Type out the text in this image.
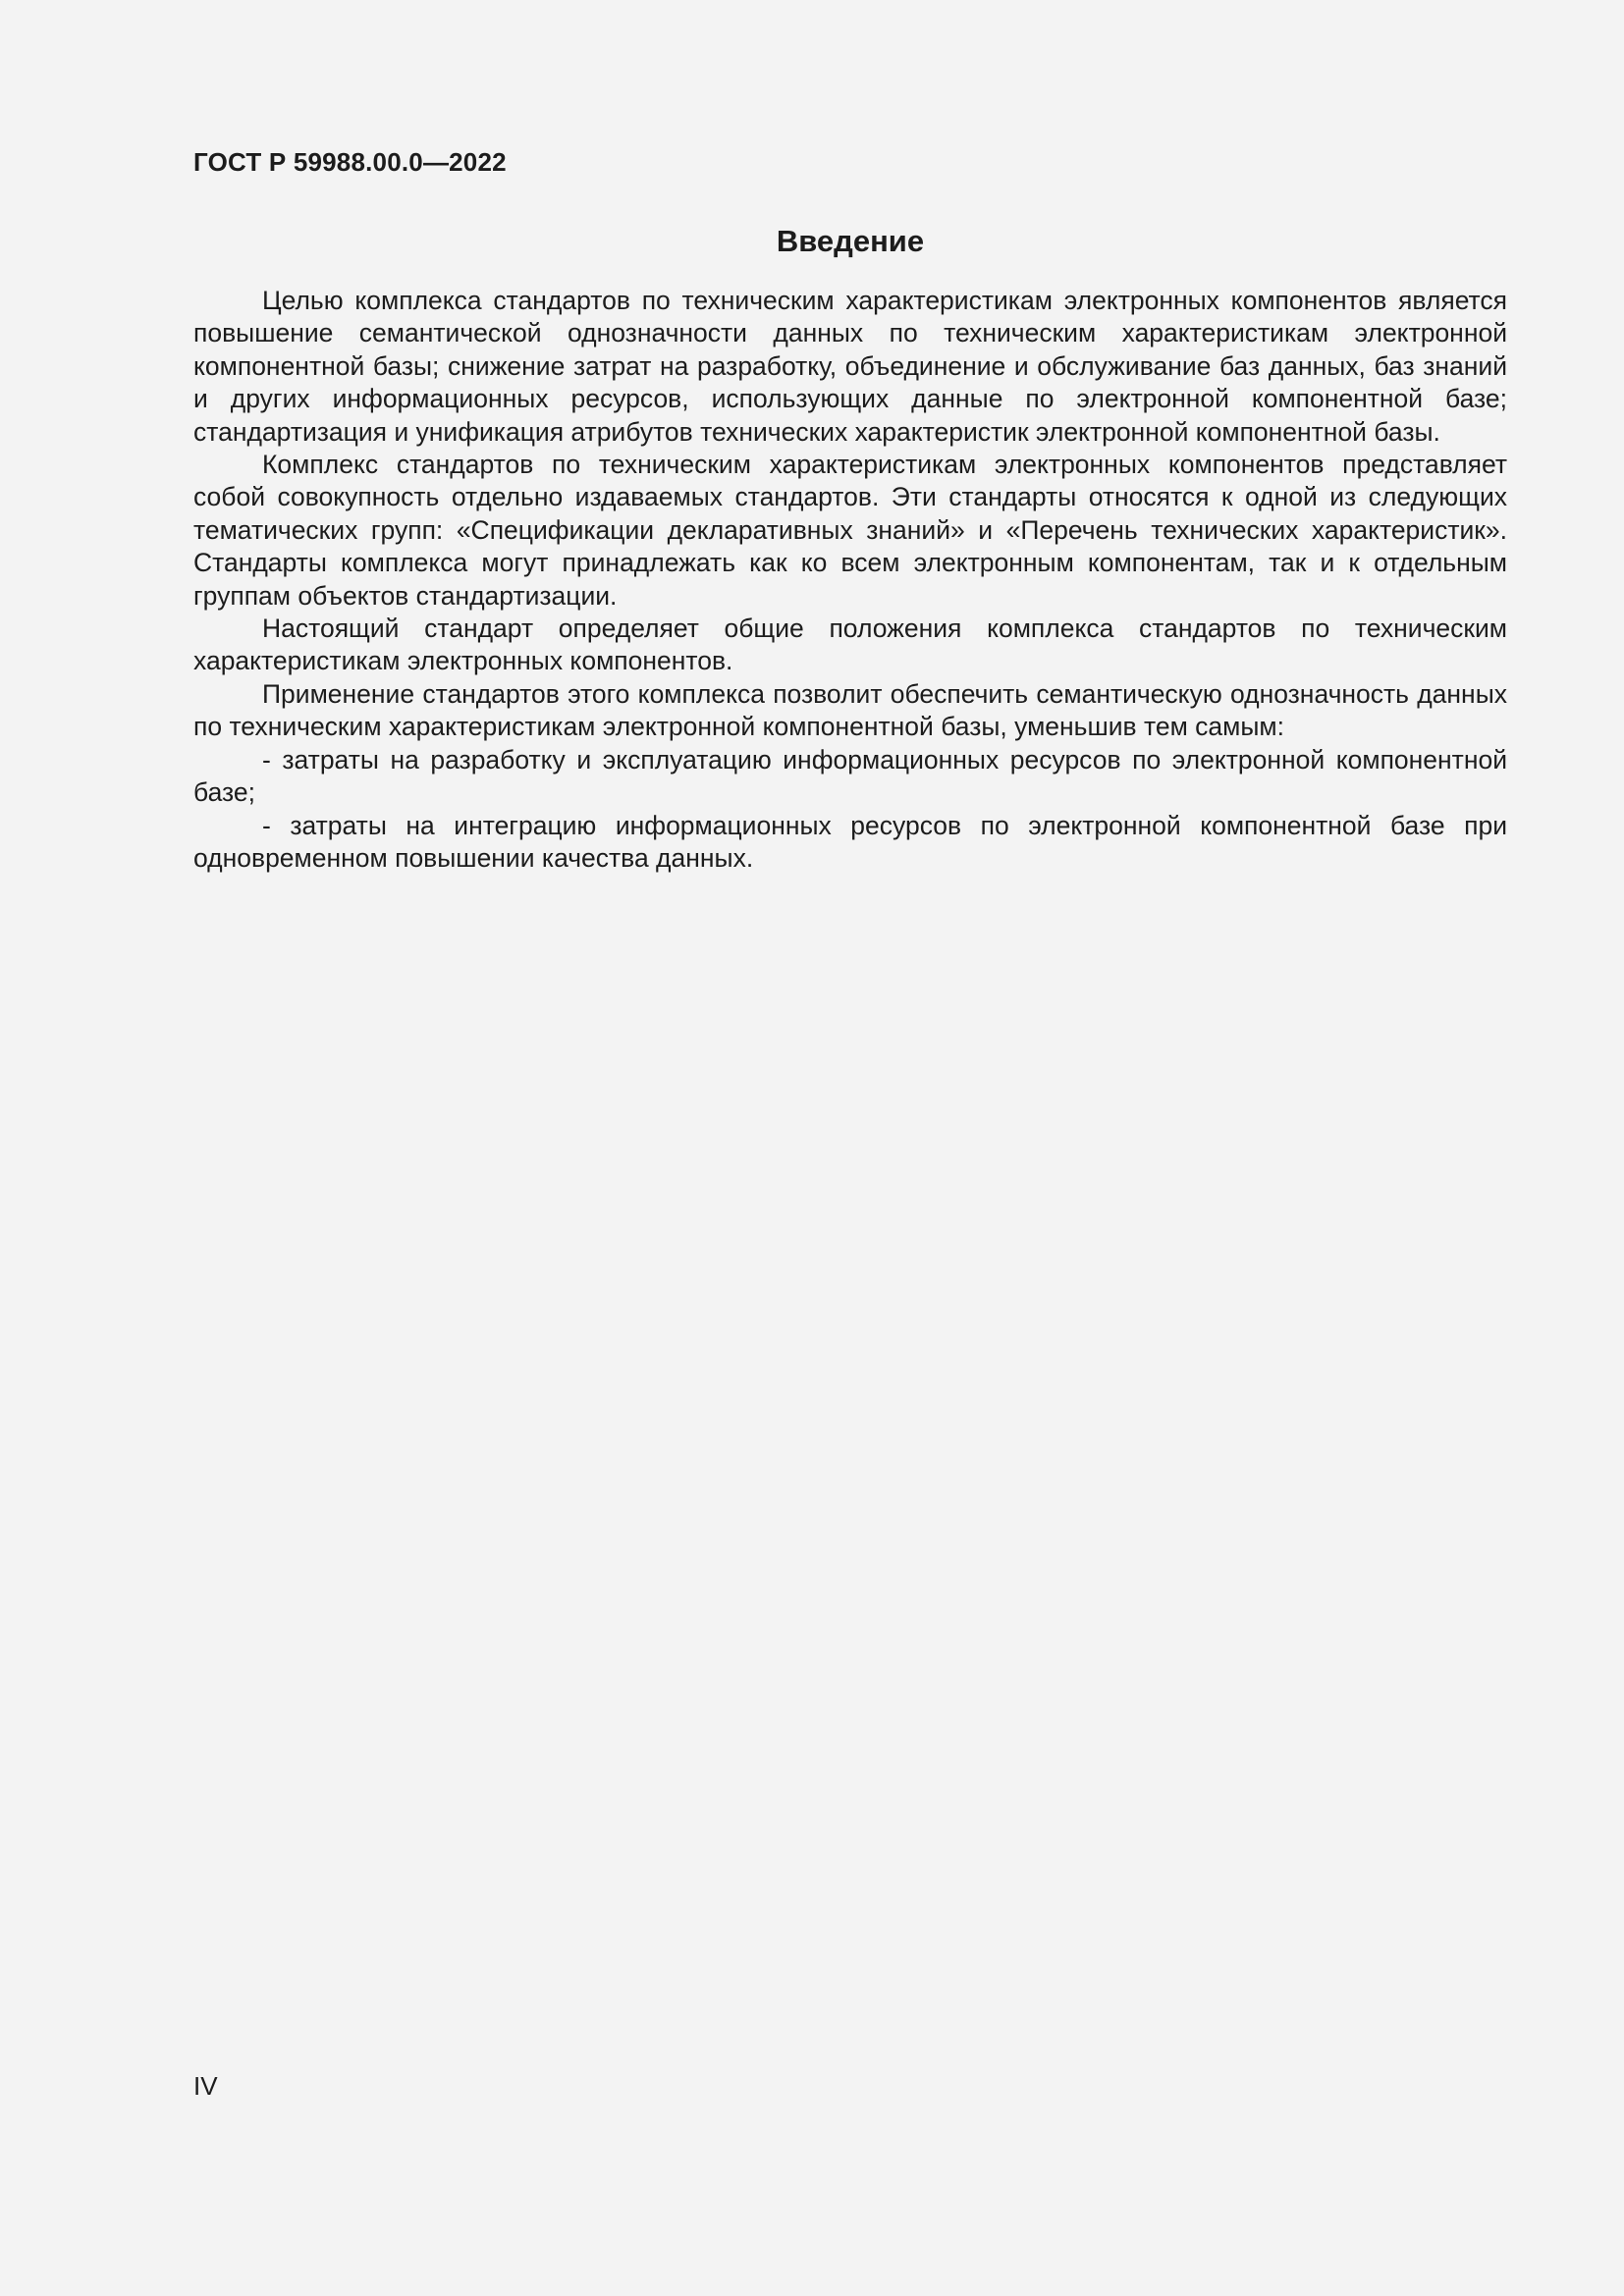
ГОСТ Р 59988.00.0—2022
Введение

Целью комплекса стандартов по техническим характеристикам электронных компонентов является повышение семантической однозначности данных по техническим характеристикам электронной компонентной базы; снижение затрат на разработку, объединение и обслуживание баз данных, баз знаний и других информационных ресурсов, использующих данные по электронной компонентной базе; стандартизация и унификация атрибутов технических характеристик электронной компонентной базы.

Комплекс стандартов по техническим характеристикам электронных компонентов представляет собой совокупность отдельно издаваемых стандартов. Эти стандарты относятся к одной из следующих тематических групп: «Спецификации декларативных знаний» и «Перечень технических характеристик». Стандарты комплекса могут принадлежать как ко всем электронным компонентам, так и к отдельным группам объектов стандартизации.

Настоящий стандарт определяет общие положения комплекса стандартов по техническим характеристикам электронных компонентов.

Применение стандартов этого комплекса позволит обеспечить семантическую однозначность данных по техническим характеристикам электронной компонентной базы, уменьшив тем самым:

- затраты на разработку и эксплуатацию информационных ресурсов по электронной компонентной базе;

- затраты на интеграцию информационных ресурсов по электронной компонентной базе при одновременном повышении качества данных.

IV
